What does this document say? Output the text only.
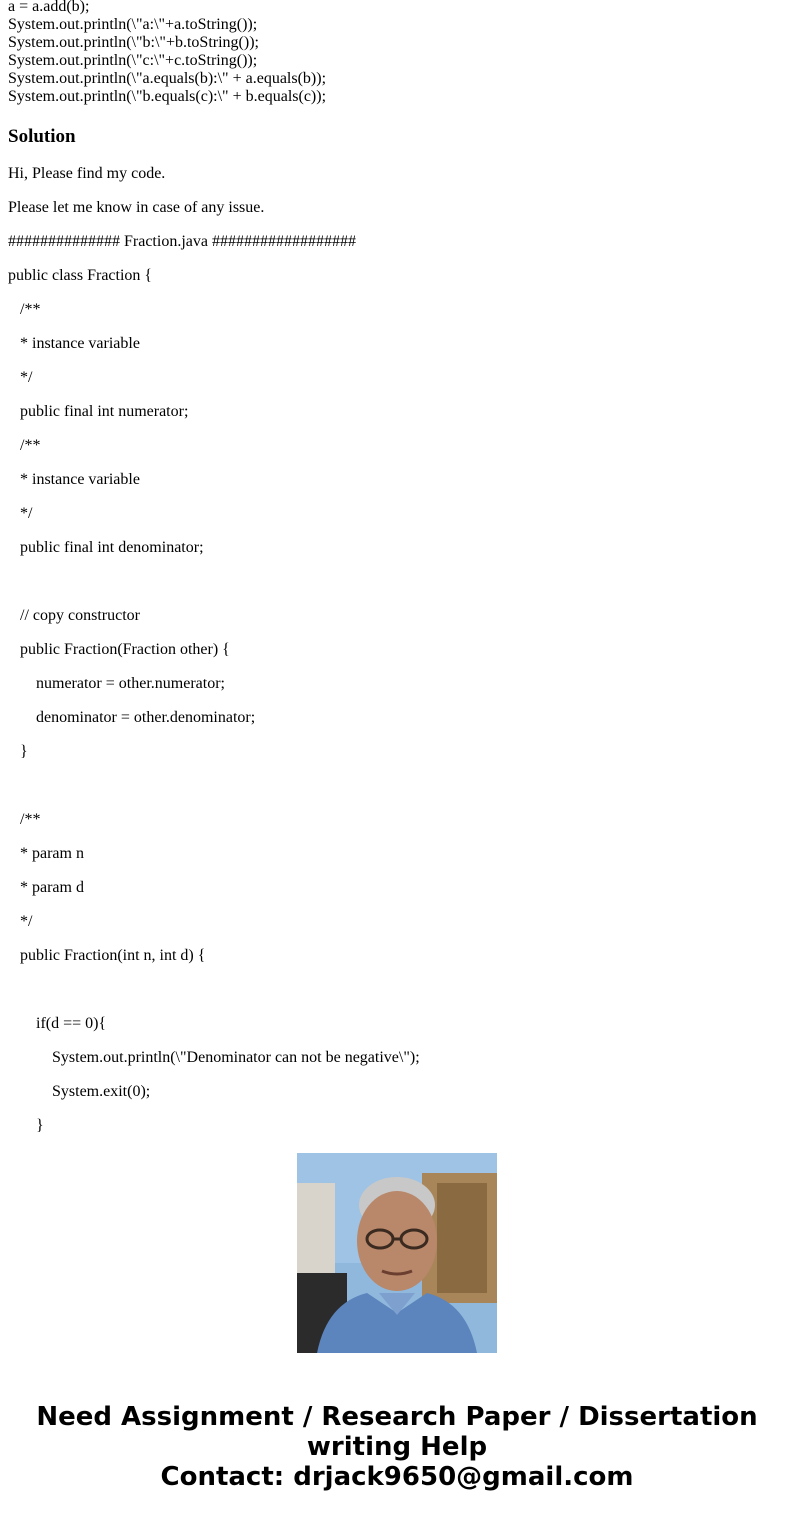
a = a.add(b);
System.out.println(\"a:\"+a.toString());
System.out.println(\"b:\"+b.toString());
System.out.println(\"c:\"+c.toString());
System.out.println(\"a.equals(b):\" + a.equals(b));
System.out.println(\"b.equals(c):\" + b.equals(c));
Solution
Hi, Please find my code.
Please let me know in case of any issue.
############## Fraction.java ##################
public class Fraction {
/**
* instance variable
*/
public final int numerator;
/**
* instance variable
*/
public final int denominator;
// copy constructor
public Fraction(Fraction other) {
numerator = other.numerator;
denominator = other.denominator;
}
/**
* param n
* param d
*/
public Fraction(int n, int d) {
if(d == 0){
System.out.println(\"Denominator can not be negative\");
System.exit(0);
}
Need Assignment / Research Paper / Dissertation
writing Help
Contact: drjack9650@gmail.com
